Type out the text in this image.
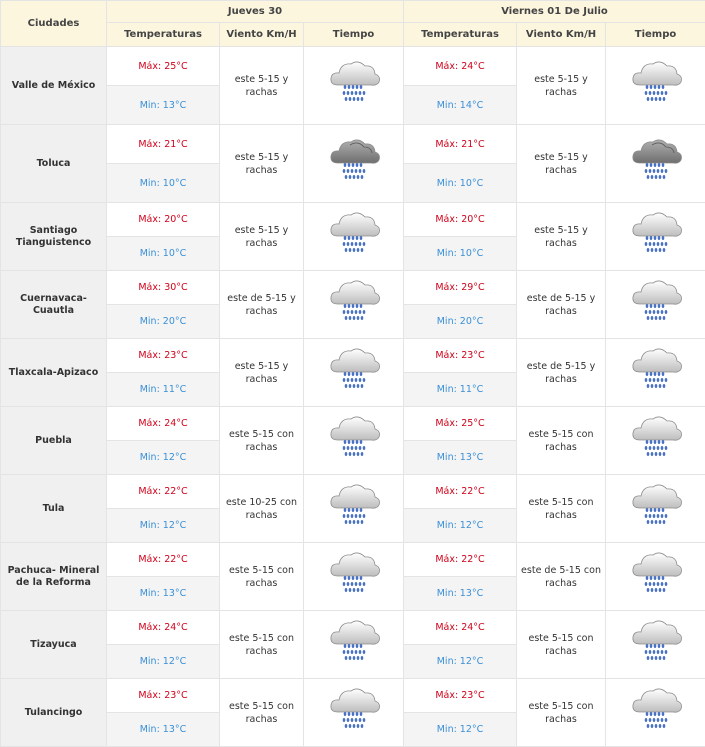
Ciudades	Jueves 30			Viernes 01 De Julio		
	Temperaturas	Viento Km/H	Tiempo	Temperaturas	Viento Km/H	Tiempo
Valle de México	Máx: 25°C	este 5-15 y rachas		Máx: 24°C	este 5-15 y rachas	

	Min: 13°C			Min: 14°C		
Toluca	Máx: 21°C	este 5-15 y rachas		Máx: 21°C	este 5-15 y rachas	

	Min: 10°C			Min: 10°C		
Santiago Tianguistenco	Máx: 20°C	este 5-15 y rachas		Máx: 20°C	este 5-15 y rachas	

	Min: 10°C			Min: 10°C		
Cuernavaca-Cuautla	Máx: 30°C	este de 5-15 y rachas		Máx: 29°C	este de 5-15 y rachas	

	Min: 20°C			Min: 20°C		
Tlaxcala-Apizaco	Máx: 23°C	este 5-15 y rachas		Máx: 23°C	este de 5-15 y rachas	

	Min: 11°C			Min: 11°C		
Puebla	Máx: 24°C	este 5-15 con rachas		Máx: 25°C	este 5-15 con rachas	

	Min: 12°C			Min: 13°C		
Tula	Máx: 22°C	este 10-25 con rachas		Máx: 22°C	este 5-15 con rachas	

	Min: 12°C			Min: 12°C		
Pachuca- Mineral de la Reforma	Máx: 22°C	este 5-15 con rachas		Máx: 22°C	este de 5-15 con rachas	

	Min: 13°C			Min: 13°C		
Tizayuca	Máx: 24°C	este 5-15 con rachas		Máx: 24°C	este 5-15 con rachas	

	Min: 12°C			Min: 12°C		
Tulancingo	Máx: 23°C	este 5-15 con rachas		Máx: 23°C	este 5-15 con rachas	

	Min: 13°C			Min: 12°C		
